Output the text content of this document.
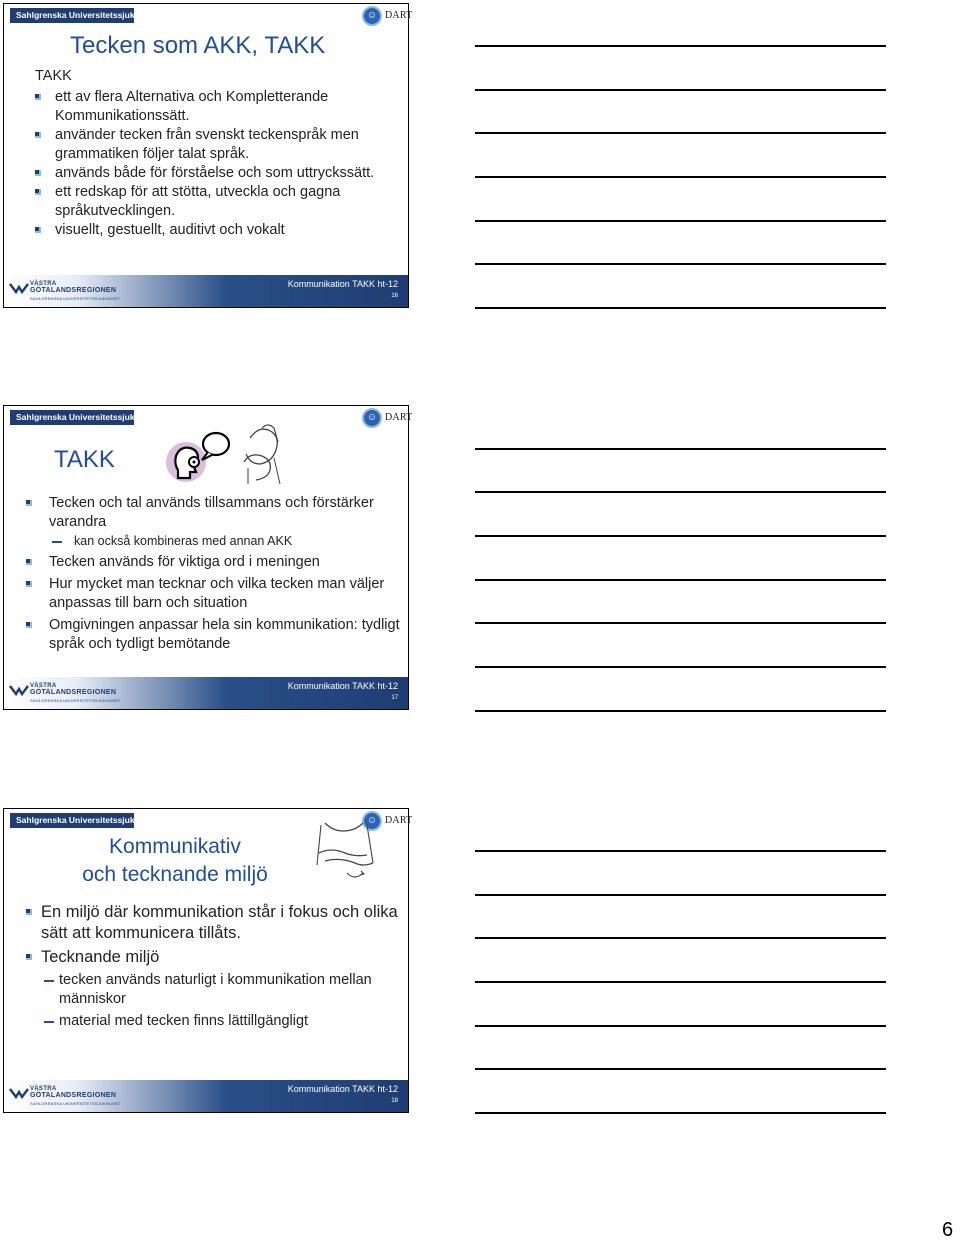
Sahlgrenska Universitetssjukhuset	☺ DART
Tecken som AKK, TAKK
TAKK
ett av flera Alternativa och Kompletterande Kommunikationssätt.
använder tecken från svenskt teckenspråk men grammatiken följer talat språk.
används både för förståelse och som uttryckssätt.
ett redskap för att stötta, utveckla och gagna språkutvecklingen.
visuellt, gestuellt, auditivt och vokalt
VÄSTRA
GÖTALANDSREGIONEN
SAHLGRENSKA UNIVERSITETSSJUKHUSET
Kommunikation TAKK ht-12
16
Sahlgrenska Universitetssjukhuset	☺ DART
TAKK
Tecken och tal används tillsammans och förstärker varandra
kan också kombineras med annan AKK
Tecken används för viktiga ord i meningen
Hur mycket man tecknar och vilka tecken man väljer anpassas till barn och situation
Omgivningen anpassar hela sin kommunikation: tydligt språk och tydligt bemötande
VÄSTRA
GÖTALANDSREGIONEN
SAHLGRENSKA UNIVERSITETSSJUKHUSET
Kommunikation TAKK ht-12
17
Sahlgrenska Universitetssjukhuset	☺ DART
Kommunikativ
och tecknande miljö
En miljö där kommunikation står i fokus och olika sätt att kommunicera tillåts.
Tecknande miljö
tecken används naturligt i kommunikation mellan människor
material med tecken finns lättillgängligt
VÄSTRA
GÖTALANDSREGIONEN
SAHLGRENSKA UNIVERSITETSSJUKHUSET
Kommunikation TAKK ht-12
18
6
